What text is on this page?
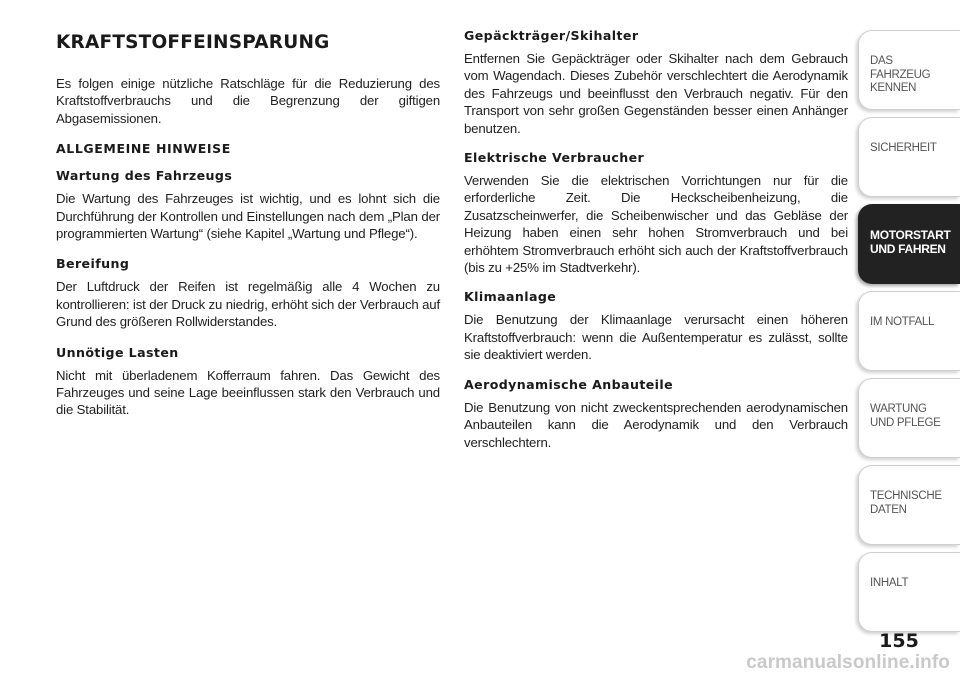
KRAFTSTOFFEINSPARUNG

Es folgen einige nützliche Ratschläge für die Reduzierung des Kraftstoffverbrauchs und die Begrenzung der giftigen Abgasemissionen.

ALLGEMEINE HINWEISE
Wartung des Fahrzeugs

Die Wartung des Fahrzeuges ist wichtig, und es lohnt sich die Durchführung der Kontrollen und Einstellungen nach dem „Plan der programmierten Wartung“ (siehe Kapitel „Wartung und Pflege“).

Bereifung

Der Luftdruck der Reifen ist regelmäßig alle 4 Wochen zu kontrollieren: ist der Druck zu niedrig, erhöht sich der Verbrauch auf Grund des größeren Rollwiderstandes.

Unnötige Lasten

Nicht mit überladenem Kofferraum fahren. Das Gewicht des Fahrzeuges und seine Lage beeinflussen stark den Verbrauch und die Stabilität.

Gepäckträger/Skihalter

Entfernen Sie Gepäckträger oder Skihalter nach dem Gebrauch vom Wagendach. Dieses Zubehör verschlechtert die Aerodynamik des Fahrzeugs und beeinflusst den Verbrauch negativ. Für den Transport von sehr großen Gegenständen besser einen Anhänger benutzen.

Elektrische Verbraucher

Verwenden Sie die elektrischen Vorrichtungen nur für die erforderliche Zeit. Die Heckscheibenheizung, die Zusatzscheinwerfer, die Scheibenwischer und das Gebläse der Heizung haben einen sehr hohen Stromverbrauch und bei erhöhtem Stromverbrauch erhöht sich auch der Kraftstoffverbrauch (bis zu +25% im Stadtverkehr).

Klimaanlage

Die Benutzung der Klimaanlage verursacht einen höheren Kraftstoffverbrauch: wenn die Außentemperatur es zulässt, sollte sie deaktiviert werden.

Aerodynamische Anbauteile

Die Benutzung von nicht zweckentsprechenden aerodynamischen Anbauteilen kann die Aerodynamik und den Verbrauch verschlechtern.

DAS FAHRZEUG
KENNEN
SICHERHEIT
MOTORSTART
UND FAHREN
IM NOTFALL
WARTUNG
UND PFLEGE
TECHNISCHE
DATEN
INHALT
155
carmanualsonline.info
